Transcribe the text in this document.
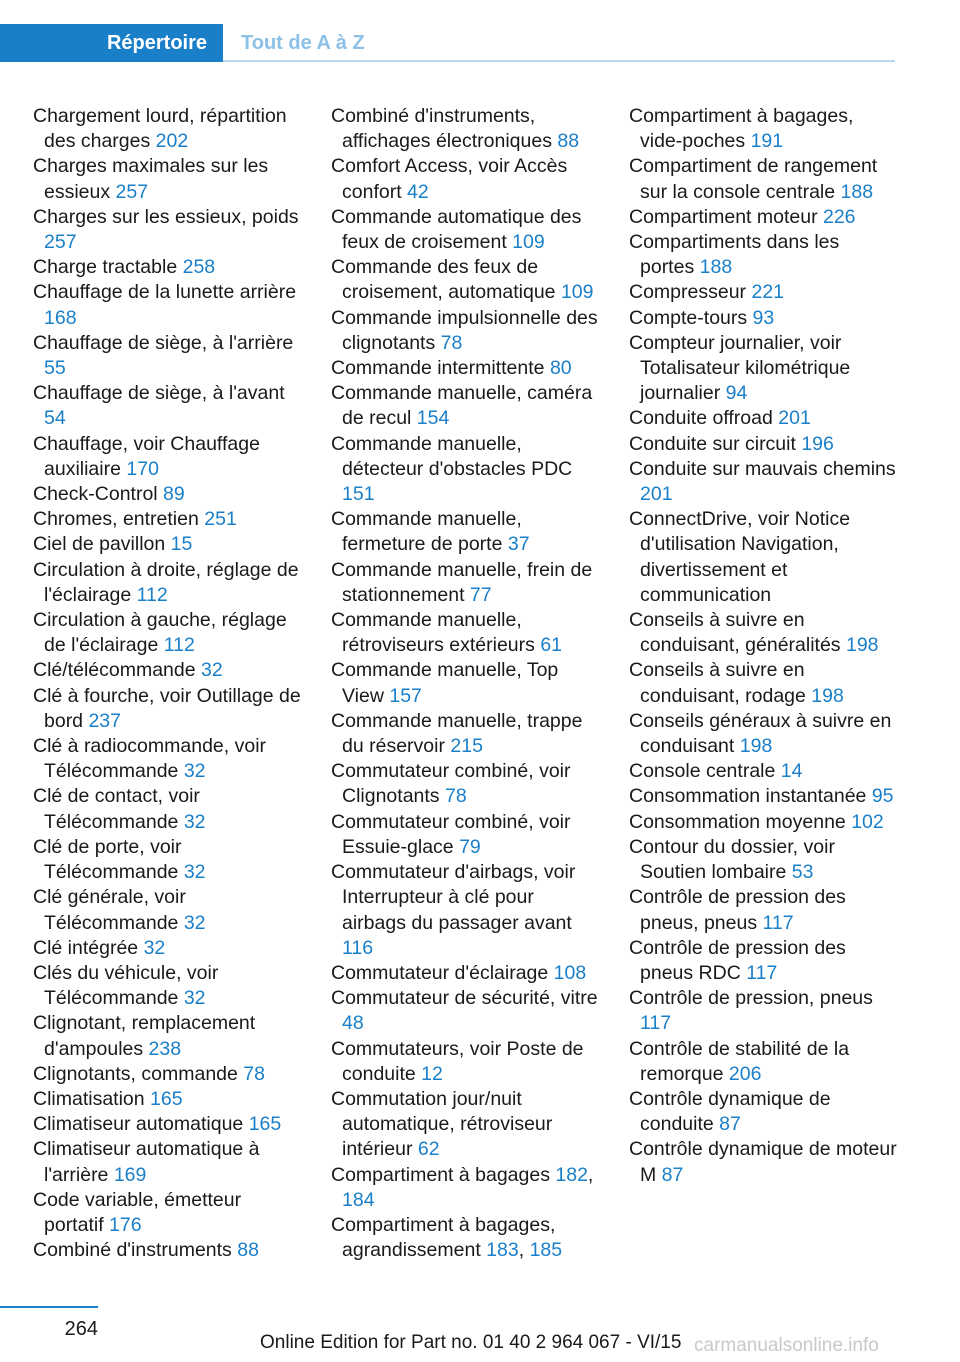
Répertoire	Tout de A à Z
Chargement lourd, répartition des charges 202
Charges maximales sur les essieux 257
Charges sur les essieux, poids 257
Charge tractable 258
Chauffage de la lunette arrière 168
Chauffage de siège, à l'arrière 55
Chauffage de siège, à l'avant 54
Chauffage, voir Chauffage auxiliaire 170
Check-Control 89
Chromes, entretien 251
Ciel de pavillon 15
Circulation à droite, réglage de l'éclairage 112
Circulation à gauche, réglage de l'éclairage 112
Clé/télécommande 32
Clé à fourche, voir Outillage de bord 237
Clé à radiocommande, voir Télécommande 32
Clé de contact, voir Télécommande 32
Clé de porte, voir Télécommande 32
Clé générale, voir Télécommande 32
Clé intégrée 32
Clés du véhicule, voir Télécommande 32
Clignotant, remplacement d'ampoules 238
Clignotants, commande 78
Climatisation 165
Climatiseur automatique 165
Climatiseur automatique à l'arrière 169
Code variable, émetteur portatif 176
Combiné d'instruments 88
Combiné d'instruments, affichages électroniques 88
Comfort Access, voir Accès confort 42
Commande automatique des feux de croisement 109
Commande des feux de croisement, automatique 109
Commande impulsionnelle des clignotants 78
Commande intermittente 80
Commande manuelle, caméra de recul 154
Commande manuelle, détecteur d'obstacles PDC 151
Commande manuelle, fermeture de porte 37
Commande manuelle, frein de stationnement 77
Commande manuelle, rétroviseurs extérieurs 61
Commande manuelle, Top View 157
Commande manuelle, trappe du réservoir 215
Commutateur combiné, voir Clignotants 78
Commutateur combiné, voir Essuie-glace 79
Commutateur d'airbags, voir Interrupteur à clé pour airbags du passager avant 116
Commutateur d'éclairage 108
Commutateur de sécurité, vitre 48
Commutateurs, voir Poste de conduite 12
Commutation jour/nuit automatique, rétroviseur intérieur 62
Compartiment à bagages 182, 184
Compartiment à bagages, agrandissement 183, 185
Compartiment à bagages, vide-poches 191
Compartiment de rangement sur la console centrale 188
Compartiment moteur 226
Compartiments dans les portes 188
Compresseur 221
Compte-tours 93
Compteur journalier, voir Totalisateur kilométrique journalier 94
Conduite offroad 201
Conduite sur circuit 196
Conduite sur mauvais chemins 201
ConnectDrive, voir Notice d'utilisation Navigation, divertissement et communication
Conseils à suivre en conduisant, généralités 198
Conseils à suivre en conduisant, rodage 198
Conseils généraux à suivre en conduisant 198
Console centrale 14
Consommation instantanée 95
Consommation moyenne 102
Contour du dossier, voir Soutien lombaire 53
Contrôle de pression des pneus, pneus 117
Contrôle de pression des pneus RDC 117
Contrôle de pression, pneus 117
Contrôle de stabilité de la remorque 206
Contrôle dynamique de conduite 87
Contrôle dynamique de moteur M 87
264
Online Edition for Part no. 01 40 2 964 067 - VI/15 carmanualsonline.info
